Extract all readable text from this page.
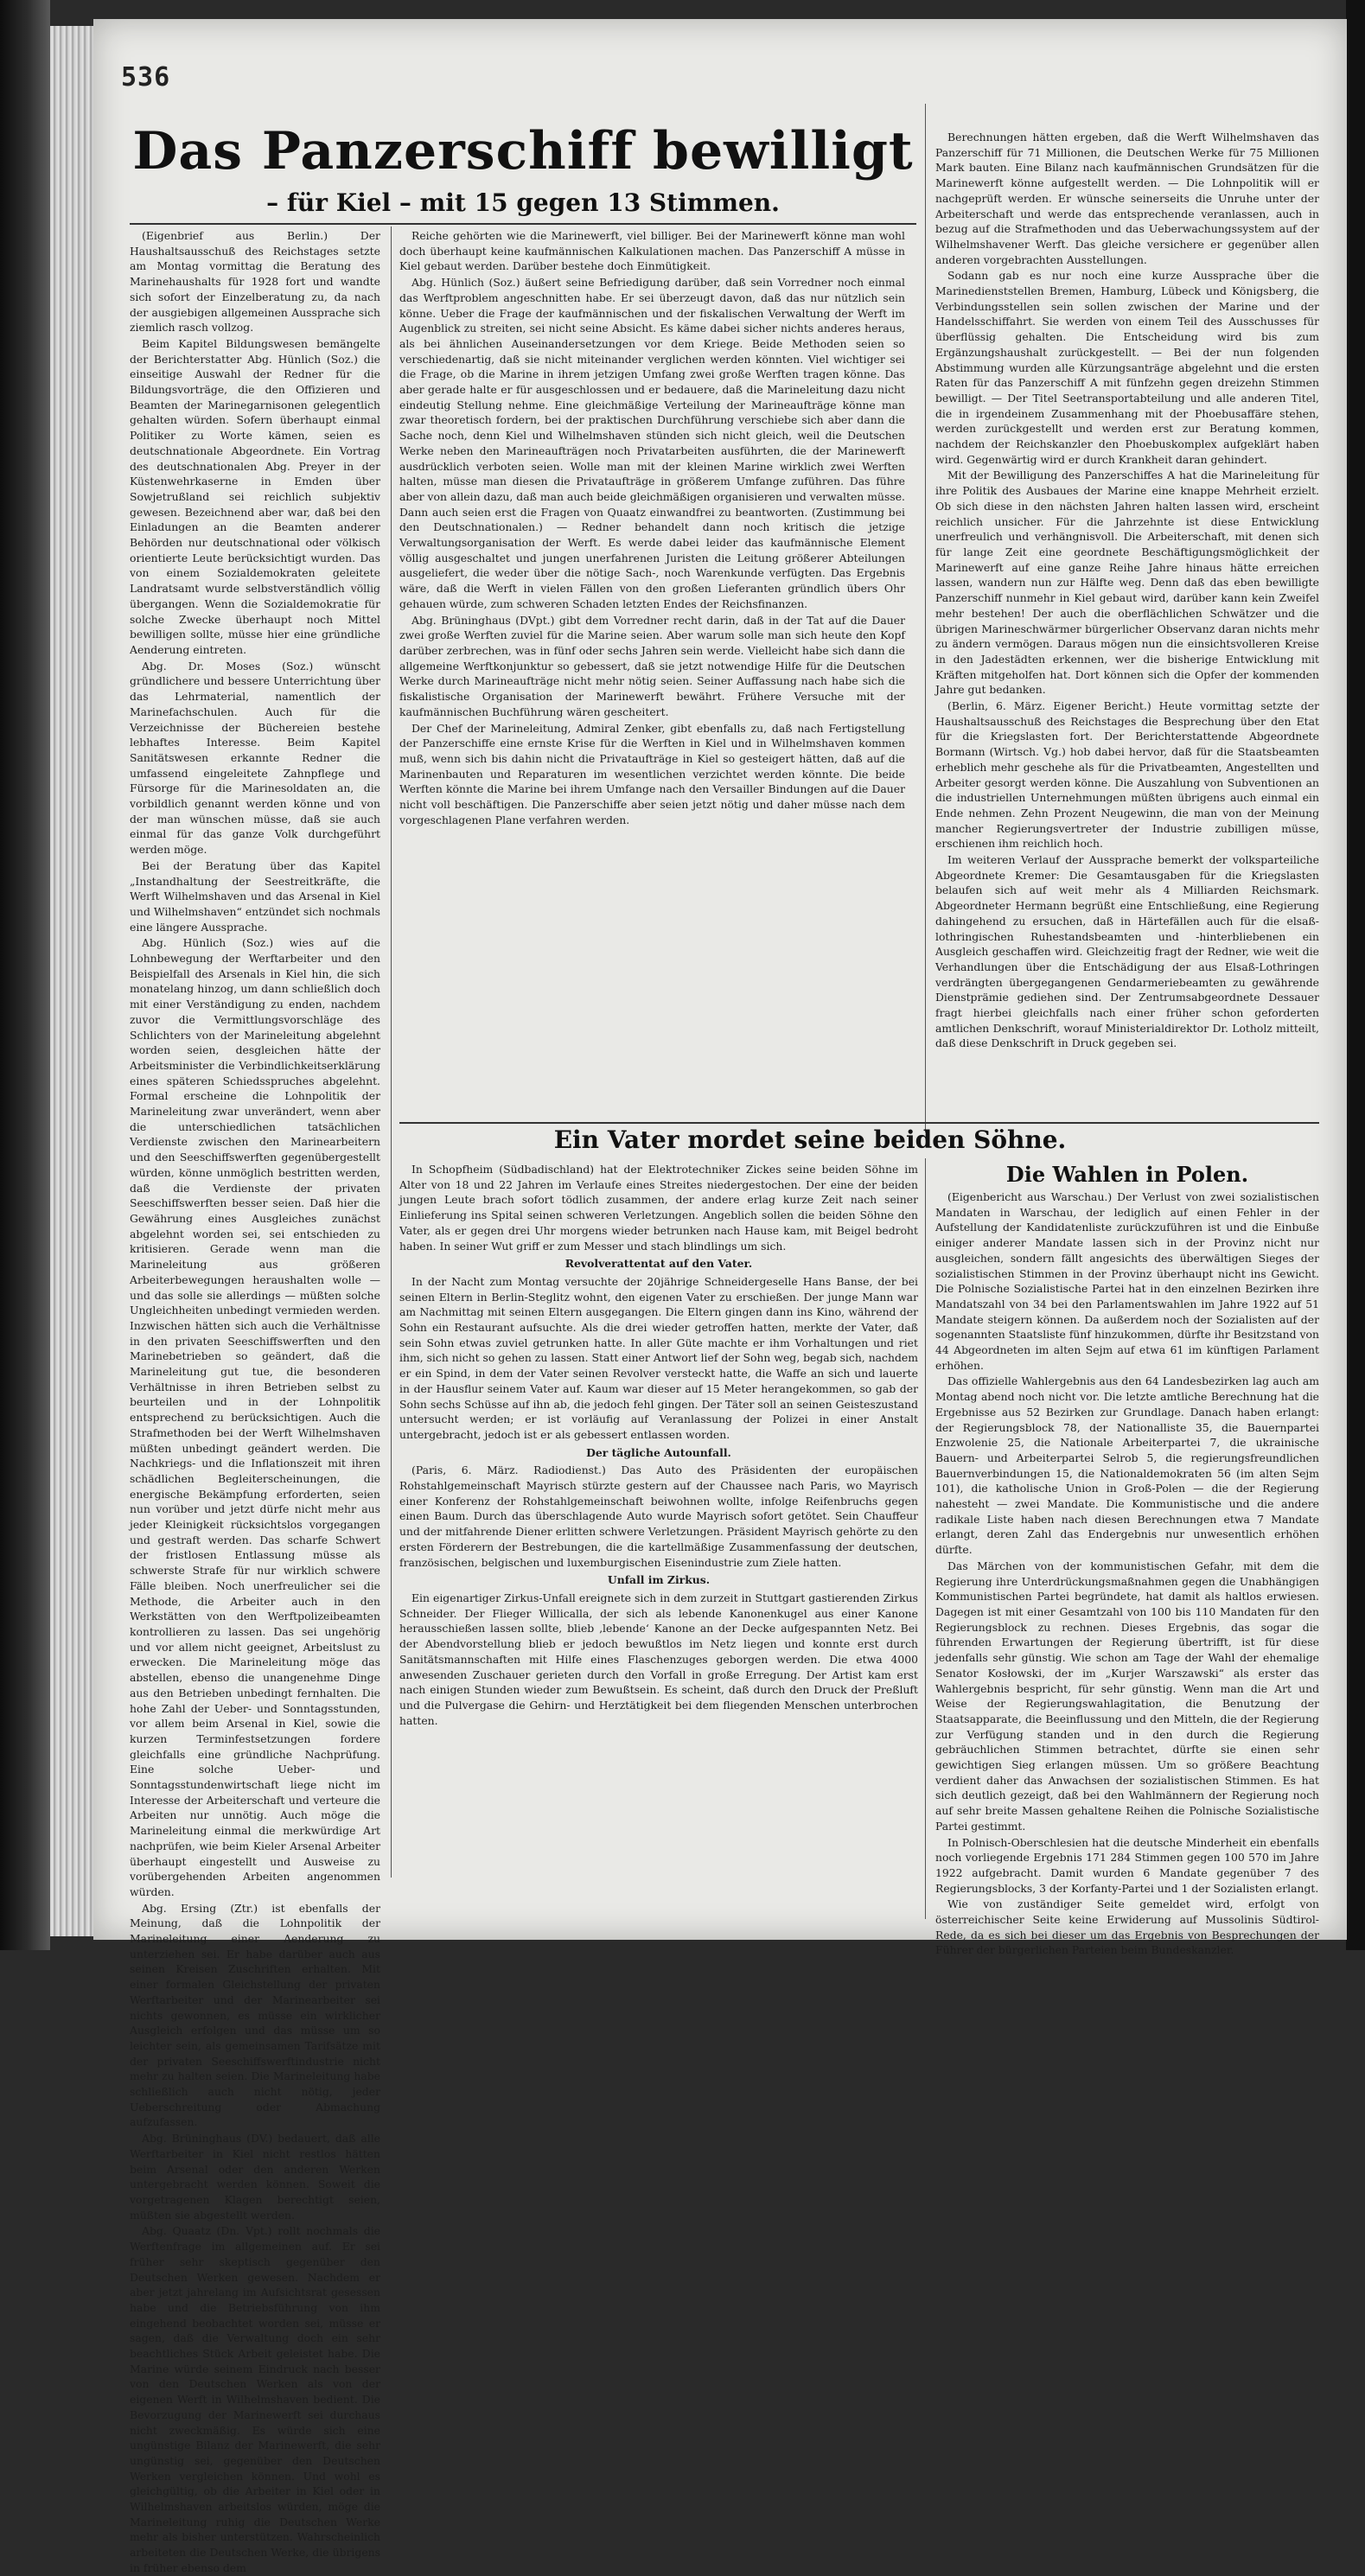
536
Das Panzerschiff bewilligt
– für Kiel – mit 15 gegen 13 Stimmen.

(Eigenbrief aus Berlin.) Der Haushaltsausschuß des Reichstages setzte am Montag vormittag die Beratung des Marinehaushalts für 1928 fort und wandte sich sofort der Einzelberatung zu, da nach der ausgiebigen allgemeinen Aussprache sich ziemlich rasch vollzog.

Beim Kapitel Bildungswesen bemängelte der Berichterstatter Abg. Hünlich (Soz.) die einseitige Auswahl der Redner für die Bildungsvorträge, die den Offizieren und Beamten der Marinegarnisonen gelegentlich gehalten würden. Sofern überhaupt einmal Politiker zu Worte kämen, seien es deutschnationale Abgeordnete. Ein Vortrag des deutschnationalen Abg. Preyer in der Küstenwehrkaserne in Emden über Sowjetrußland sei reichlich subjektiv gewesen. Bezeichnend aber war, daß bei den Einladungen an die Beamten anderer Behörden nur deutschnational oder völkisch orientierte Leute berücksichtigt wurden. Das von einem Sozialdemokraten geleitete Landratsamt wurde selbstverständlich völlig übergangen. Wenn die Sozialdemokratie für solche Zwecke überhaupt noch Mittel bewilligen sollte, müsse hier eine gründliche Aenderung eintreten.

Abg. Dr. Moses (Soz.) wünscht gründlichere und bessere Unterrichtung über das Lehrmaterial, namentlich der Marinefachschulen. Auch für die Verzeichnisse der Büchereien bestehe lebhaftes Interesse. Beim Kapitel Sanitätswesen erkannte Redner die umfassend eingeleitete Zahnpflege und Fürsorge für die Marinesoldaten an, die vorbildlich genannt werden könne und von der man wünschen müsse, daß sie auch einmal für das ganze Volk durchgeführt werden möge.

Bei der Beratung über das Kapitel „Instandhaltung der Seestreitkräfte, die Werft Wilhelmshaven und das Arsenal in Kiel und Wilhelmshaven“ entzündet sich nochmals eine längere Aussprache.

Abg. Hünlich (Soz.) wies auf die Lohnbewegung der Werftarbeiter und den Beispielfall des Arsenals in Kiel hin, die sich monatelang hinzog, um dann schließlich doch mit einer Verständigung zu enden, nachdem zuvor die Vermittlungsvorschläge des Schlichters von der Marineleitung abgelehnt worden seien, desgleichen hätte der Arbeitsminister die Verbindlichkeitserklärung eines späteren Schiedsspruches abgelehnt. Formal erscheine die Lohnpolitik der Marineleitung zwar unverändert, wenn aber die unterschiedlichen tatsächlichen Verdienste zwischen den Marinearbeitern und den Seeschiffswerften gegenübergestellt würden, könne unmöglich bestritten werden, daß die Verdienste der privaten Seeschiffswerften besser seien. Daß hier die Gewährung eines Ausgleiches zunächst abgelehnt worden sei, sei entschieden zu kritisieren. Gerade wenn man die Marineleitung aus größeren Arbeiterbewegungen heraushalten wolle — und das solle sie allerdings — müßten solche Ungleichheiten unbedingt vermieden werden. Inzwischen hätten sich auch die Verhältnisse in den privaten Seeschiffswerften und den Marinebetrieben so geändert, daß die Marineleitung gut tue, die besonderen Verhältnisse in ihren Betrieben selbst zu beurteilen und in der Lohnpolitik entsprechend zu berücksichtigen. Auch die Strafmethoden bei der Werft Wilhelmshaven müßten unbedingt geändert werden. Die Nachkriegs- und die Inflationszeit mit ihren schädlichen Begleiterscheinungen, die energische Bekämpfung erforderten, seien nun vorüber und jetzt dürfe nicht mehr aus jeder Kleinigkeit rücksichtslos vorgegangen und gestraft werden. Das scharfe Schwert der fristlosen Entlassung müsse als schwerste Strafe für nur wirklich schwere Fälle bleiben. Noch unerfreulicher sei die Methode, die Arbeiter auch in den Werkstätten von den Werftpolizeibeamten kontrollieren zu lassen. Das sei ungehörig und vor allem nicht geeignet, Arbeitslust zu erwecken. Die Marineleitung möge das abstellen, ebenso die unangenehme Dinge aus den Betrieben unbedingt fernhalten. Die hohe Zahl der Ueber- und Sonntagsstunden, vor allem beim Arsenal in Kiel, sowie die kurzen Terminfestsetzungen fordere gleichfalls eine gründliche Nachprüfung. Eine solche Ueber- und Sonntagsstundenwirtschaft liege nicht im Interesse der Arbeiterschaft und verteure die Arbeiten nur unnötig. Auch möge die Marineleitung einmal die merkwürdige Art nachprüfen, wie beim Kieler Arsenal Arbeiter überhaupt eingestellt und Ausweise zu vorübergehenden Arbeiten angenommen würden.

Abg. Ersing (Ztr.) ist ebenfalls der Meinung, daß die Lohnpolitik der Marineleitung einer Aenderung zu unterziehen sei. Er habe darüber auch aus seinen Kreisen Zuschriften erhalten. Mit einer formalen Gleichstellung der privaten Werftarbeiter und der Marinearbeiter sei nichts gewonnen, es müsse ein wirklicher Ausgleich erfolgen und das müsse um so leichter sein, als gemeinsamen Tarifsätze mit der privaten Seeschiffswerftindustrie nicht mehr zu halten seien. Die Marineleitung habe schließlich auch nicht nötig, jeder Ueberschreitung oder Abmachung aufzufassen.

Abg. Brüninghaus (DV.) bedauert, daß alle Werftarbeiter in Kiel nicht restlos hätten beim Arsenal oder den anderen Werken untergebracht werden können. Soweit die vorgetragenen Klagen berechtigt seien, müßten sie abgestellt werden.

Abg. Quaatz (Dn. Vpt.) rollt nochmals die Werftenfrage im allgemeinen auf. Er sei früher sehr skeptisch gegenüber den Deutschen Werken gewesen. Nachdem er aber jetzt jahrelang im Aufsichtsrat gesessen habe und die Betriebsführung von ihm eingehend beobachtet worden sei, müsse er sagen, daß die Verwaltung doch ein sehr beachtliches Stück Arbeit geleistet habe. Die Marine würde seinem Eindruck nach besser von den Deutschen Werken als von der eigenen Werft in Wilhelmshaven bedient. Die Bevorzugung der Marinewerft sei durchaus nicht zweckmäßig. Es würde sich eine ungünstige Bilanz der Marinewerft, die sehr ungünstig sei, gegenüber den Deutschen Werken vergleichen können. Und wohl es gleichgültig, ob die Arbeiter in Kiel oder in Wilhelmshaven arbeitslos würden, möge die Marineleitung ruhig die Deutschen Werke mehr als bisher unterstützen. Wahrscheinlich arbeiteten die Deutschen Werke, die übrigens in früher ebenso dem

Reiche gehörten wie die Marinewerft, viel billiger. Bei der Marinewerft könne man wohl doch überhaupt keine kaufmännischen Kalkulationen machen. Das Panzerschiff A müsse in Kiel gebaut werden. Darüber bestehe doch Einmütigkeit.

Abg. Hünlich (Soz.) äußert seine Befriedigung darüber, daß sein Vorredner noch einmal das Werftproblem angeschnitten habe. Er sei überzeugt davon, daß das nur nützlich sein könne. Ueber die Frage der kaufmännischen und der fiskalischen Verwaltung der Werft im Augenblick zu streiten, sei nicht seine Absicht. Es käme dabei sicher nichts anderes heraus, als bei ähnlichen Auseinandersetzungen vor dem Kriege. Beide Methoden seien so verschiedenartig, daß sie nicht miteinander verglichen werden könnten. Viel wichtiger sei die Frage, ob die Marine in ihrem jetzigen Umfang zwei große Werften tragen könne. Das aber gerade halte er für ausgeschlossen und er bedauere, daß die Marineleitung dazu nicht eindeutig Stellung nehme. Eine gleichmäßige Verteilung der Marineaufträge könne man zwar theoretisch fordern, bei der praktischen Durchführung verschiebe sich aber dann die Sache noch, denn Kiel und Wilhelmshaven stünden sich nicht gleich, weil die Deutschen Werke neben den Marineaufträgen noch Privatarbeiten ausführten, die der Marinewerft ausdrücklich verboten seien. Wolle man mit der kleinen Marine wirklich zwei Werften halten, müsse man diesen die Privataufträge in größerem Umfange zuführen. Das führe aber von allein dazu, daß man auch beide gleichmäßigen organisieren und verwalten müsse. Dann auch seien erst die Fragen von Quaatz einwandfrei zu beantworten. (Zustimmung bei den Deutschnationalen.) — Redner behandelt dann noch kritisch die jetzige Verwaltungsorganisation der Werft. Es werde dabei leider das kaufmännische Element völlig ausgeschaltet und jungen unerfahrenen Juristen die Leitung größerer Abteilungen ausgeliefert, die weder über die nötige Sach-, noch Warenkunde verfügten. Das Ergebnis wäre, daß die Werft in vielen Fällen von den großen Lieferanten gründlich übers Ohr gehauen würde, zum schweren Schaden letzten Endes der Reichsfinanzen.

Abg. Brüninghaus (DVpt.) gibt dem Vorredner recht darin, daß in der Tat auf die Dauer zwei große Werften zuviel für die Marine seien. Aber warum solle man sich heute den Kopf darüber zerbrechen, was in fünf oder sechs Jahren sein werde. Vielleicht habe sich dann die allgemeine Werftkonjunktur so gebessert, daß sie jetzt notwendige Hilfe für die Deutschen Werke durch Marineaufträge nicht mehr nötig seien. Seiner Auffassung nach habe sich die fiskalistische Organisation der Marinewerft bewährt. Frühere Versuche mit der kaufmännischen Buchführung wären gescheitert.

Der Chef der Marineleitung, Admiral Zenker, gibt ebenfalls zu, daß nach Fertigstellung der Panzerschiffe eine ernste Krise für die Werften in Kiel und in Wilhelmshaven kommen muß, wenn sich bis dahin nicht die Privataufträge in Kiel so gesteigert hätten, daß auf die Marinenbauten und Reparaturen im wesentlichen verzichtet werden könnte. Die beide Werften könnte die Marine bei ihrem Umfange nach den Versailler Bindungen auf die Dauer nicht voll beschäftigen. Die Panzerschiffe aber seien jetzt nötig und daher müsse nach dem vorgeschlagenen Plane verfahren werden.

Berechnungen hätten ergeben, daß die Werft Wilhelmshaven das Panzerschiff für 71 Millionen, die Deutschen Werke für 75 Millionen Mark bauten. Eine Bilanz nach kaufmännischen Grundsätzen für die Marinewerft könne aufgestellt werden. — Die Lohnpolitik will er nachgeprüft werden. Er wünsche seinerseits die Unruhe unter der Arbeiterschaft und werde das entsprechende veranlassen, auch in bezug auf die Strafmethoden und das Ueberwachungssystem auf der Wilhelmshavener Werft. Das gleiche versichere er gegenüber allen anderen vorgebrachten Ausstellungen.

Sodann gab es nur noch eine kurze Aussprache über die Marinedienststellen Bremen, Hamburg, Lübeck und Königsberg, die Verbindungsstellen sein sollen zwischen der Marine und der Handelsschiffahrt. Sie werden von einem Teil des Ausschusses für überflüssig gehalten. Die Entscheidung wird bis zum Ergänzungshaushalt zurückgestellt. — Bei der nun folgenden Abstimmung wurden alle Kürzungsanträge abgelehnt und die ersten Raten für das Panzerschiff A mit fünfzehn gegen dreizehn Stimmen bewilligt. — Der Titel Seetransportabteilung und alle anderen Titel, die in irgendeinem Zusammenhang mit der Phoebusaffäre stehen, werden zurückgestellt und werden erst zur Beratung kommen, nachdem der Reichskanzler den Phoebuskomplex aufgeklärt haben wird. Gegenwärtig wird er durch Krankheit daran gehindert.

Mit der Bewilligung des Panzerschiffes A hat die Marineleitung für ihre Politik des Ausbaues der Marine eine knappe Mehrheit erzielt. Ob sich diese in den nächsten Jahren halten lassen wird, erscheint reichlich unsicher. Für die Jahrzehnte ist diese Entwicklung unerfreulich und verhängnisvoll. Die Arbeiterschaft, mit denen sich für lange Zeit eine geordnete Beschäftigungsmöglichkeit der Marinewerft auf eine ganze Reihe Jahre hinaus hätte erreichen lassen, wandern nun zur Hälfte weg. Denn daß das eben bewilligte Panzerschiff nunmehr in Kiel gebaut wird, darüber kann kein Zweifel mehr bestehen! Der auch die oberflächlichen Schwätzer und die übrigen Marineschwärmer bürgerlicher Observanz daran nichts mehr zu ändern vermögen. Daraus mögen nun die einsichtsvolleren Kreise in den Jadestädten erkennen, wer die bisherige Entwicklung mit Kräften mitgeholfen hat. Dort können sich die Opfer der kommenden Jahre gut bedanken.

(Berlin, 6. März. Eigener Bericht.) Heute vormittag setzte der Haushaltsausschuß des Reichstages die Besprechung über den Etat für die Kriegslasten fort. Der Berichterstattende Abgeordnete Bormann (Wirtsch. Vg.) hob dabei hervor, daß für die Staatsbeamten erheblich mehr geschehe als für die Privatbeamten, Angestellten und Arbeiter gesorgt werden könne. Die Auszahlung von Subventionen an die industriellen Unternehmungen müßten übrigens auch einmal ein Ende nehmen. Zehn Prozent Neugewinn, die man von der Meinung mancher Regierungsvertreter der Industrie zubilligen müsse, erschienen ihm reichlich hoch.

Im weiteren Verlauf der Aussprache bemerkt der volksparteiliche Abgeordnete Kremer: Die Gesamtausgaben für die Kriegslasten belaufen sich auf weit mehr als 4 Milliarden Reichsmark. Abgeordneter Hermann begrüßt eine Entschließung, eine Regierung dahingehend zu ersuchen, daß in Härtefällen auch für die elsaß-lothringischen Ruhestandsbeamten und -hinterbliebenen ein Ausgleich geschaffen wird. Gleichzeitig fragt der Redner, wie weit die Verhandlungen über die Entschädigung der aus Elsaß-Lothringen verdrängten übergegangenen Gendarmeriebeamten zu gewährende Dienstprämie gediehen sind. Der Zentrumsabgeordnete Dessauer fragt hierbei gleichfalls nach einer früher schon geforderten amtlichen Denkschrift, worauf Ministerialdirektor Dr. Lotholz mitteilt, daß diese Denkschrift in Druck gegeben sei.

Ein Vater mordet seine beiden Söhne.

In Schopfheim (Südbadischland) hat der Elektrotechniker Zickes seine beiden Söhne im Alter von 18 und 22 Jahren im Verlaufe eines Streites niedergestochen. Der eine der beiden jungen Leute brach sofort tödlich zusammen, der andere erlag kurze Zeit nach seiner Einlieferung ins Spital seinen schweren Verletzungen. Angeblich sollen die beiden Söhne den Vater, als er gegen drei Uhr morgens wieder betrunken nach Hause kam, mit Beigel bedroht haben. In seiner Wut griff er zum Messer und stach blindlings um sich.

Revolverattentat auf den Vater.

In der Nacht zum Montag versuchte der 20jährige Schneidergeselle Hans Banse, der bei seinen Eltern in Berlin-Steglitz wohnt, den eigenen Vater zu erschießen. Der junge Mann war am Nachmittag mit seinen Eltern ausgegangen. Die Eltern gingen dann ins Kino, während der Sohn ein Restaurant aufsuchte. Als die drei wieder getroffen hatten, merkte der Vater, daß sein Sohn etwas zuviel getrunken hatte. In aller Güte machte er ihm Vorhaltungen und riet ihm, sich nicht so gehen zu lassen. Statt einer Antwort lief der Sohn weg, begab sich, nachdem er ein Spind, in dem der Vater seinen Revolver versteckt hatte, die Waffe an sich und lauerte in der Hausflur seinem Vater auf. Kaum war dieser auf 15 Meter herangekommen, so gab der Sohn sechs Schüsse auf ihn ab, die jedoch fehl gingen. Der Täter soll an seinen Geisteszustand untersucht werden; er ist vorläufig auf Veranlassung der Polizei in einer Anstalt untergebracht, jedoch ist er als gebessert entlassen worden.

Der tägliche Autounfall.

(Paris, 6. März. Radiodienst.) Das Auto des Präsidenten der europäischen Rohstahlgemeinschaft Mayrisch stürzte gestern auf der Chaussee nach Paris, wo Mayrisch einer Konferenz der Rohstahlgemeinschaft beiwohnen wollte, infolge Reifenbruchs gegen einen Baum. Durch das überschlagende Auto wurde Mayrisch sofort getötet. Sein Chauffeur und der mitfahrende Diener erlitten schwere Verletzungen. Präsident Mayrisch gehörte zu den ersten Förderern der Bestrebungen, die die kartellmäßige Zusammenfassung der deutschen, französischen, belgischen und luxemburgischen Eisenindustrie zum Ziele hatten.

Unfall im Zirkus.

Ein eigenartiger Zirkus-Unfall ereignete sich in dem zurzeit in Stuttgart gastierenden Zirkus Schneider. Der Flieger Willicalla, der sich als lebende Kanonenkugel aus einer Kanone herausschießen lassen sollte, blieb ‚lebende‘ Kanone an der Decke aufgespannten Netz. Bei der Abendvorstellung blieb er jedoch bewußtlos im Netz liegen und konnte erst durch Sanitätsmannschaften mit Hilfe eines Flaschenzuges geborgen werden. Die etwa 4000 anwesenden Zuschauer gerieten durch den Vorfall in große Erregung. Der Artist kam erst nach einigen Stunden wieder zum Bewußtsein. Es scheint, daß durch den Druck der Preßluft und die Pulvergase die Gehirn- und Herztätigkeit bei dem fliegenden Menschen unterbrochen hatten.

Die Wahlen in Polen.

(Eigenbericht aus Warschau.) Der Verlust von zwei sozialistischen Mandaten in Warschau, der lediglich auf einen Fehler in der Aufstellung der Kandidatenliste zurückzuführen ist und die Einbuße einiger anderer Mandate lassen sich in der Provinz nicht nur ausgleichen, sondern fällt angesichts des überwältigen Sieges der sozialistischen Stimmen in der Provinz überhaupt nicht ins Gewicht. Die Polnische Sozialistische Partei hat in den einzelnen Bezirken ihre Mandatszahl von 34 bei den Parlamentswahlen im Jahre 1922 auf 51 Mandate steigern können. Da außerdem noch der Sozialisten auf der sogenannten Staatsliste fünf hinzukommen, dürfte ihr Besitzstand von 44 Abgeordneten im alten Sejm auf etwa 61 im künftigen Parlament erhöhen.

Das offizielle Wahlergebnis aus den 64 Landesbezirken lag auch am Montag abend noch nicht vor. Die letzte amtliche Berechnung hat die Ergebnisse aus 52 Bezirken zur Grundlage. Danach haben erlangt: der Regierungsblock 78, der Nationalliste 35, die Bauernpartei Enzwolenie 25, die Nationale Arbeiterpartei 7, die ukrainische Bauern- und Arbeiterpartei Selrob 5, die regierungsfreundlichen Bauernverbindungen 15, die Nationaldemokraten 56 (im alten Sejm 101), die katholische Union in Groß-Polen — die der Regierung nahesteht — zwei Mandate. Die Kommunistische und die andere radikale Liste haben nach diesen Berechnungen etwa 7 Mandate erlangt, deren Zahl das Endergebnis nur unwesentlich erhöhen dürfte.

Das Märchen von der kommunistischen Gefahr, mit dem die Regierung ihre Unterdrückungsmaßnahmen gegen die Unabhängigen Kommunistischen Partei begründete, hat damit als haltlos erwiesen. Dagegen ist mit einer Gesamtzahl von 100 bis 110 Mandaten für den Regierungsblock zu rechnen. Dieses Ergebnis, das sogar die führenden Erwartungen der Regierung übertrifft, ist für diese jedenfalls sehr günstig. Wie schon am Tage der Wahl der ehemalige Senator Kosłowski, der im „Kurjer Warszawski“ als erster das Wahlergebnis bespricht, für sehr günstig. Wenn man die Art und Weise der Regierungswahlagitation, die Benutzung der Staatsapparate, die Beeinflussung und den Mitteln, die der Regierung zur Verfügung standen und in den durch die Regierung gebräuchlichen Stimmen betrachtet, dürfte sie einen sehr gewichtigen Sieg erlangen müssen. Um so größere Beachtung verdient daher das Anwachsen der sozialistischen Stimmen. Es hat sich deutlich gezeigt, daß bei den Wahlmännern der Regierung noch auf sehr breite Massen gehaltene Reihen die Polnische Sozialistische Partei gestimmt.

In Polnisch-Oberschlesien hat die deutsche Minderheit ein ebenfalls noch vorliegende Ergebnis 171 284 Stimmen gegen 100 570 im Jahre 1922 aufgebracht. Damit wurden 6 Mandate gegenüber 7 des Regierungsblocks, 3 der Korfanty-Partei und 1 der Sozialisten erlangt.

Wie von zuständiger Seite gemeldet wird, erfolgt von österreichischer Seite keine Erwiderung auf Mussolinis Südtirol-Rede, da es sich bei dieser um das Ergebnis von Besprechungen der Führer der bürgerlichen Parteien beim Bundeskanzler.
